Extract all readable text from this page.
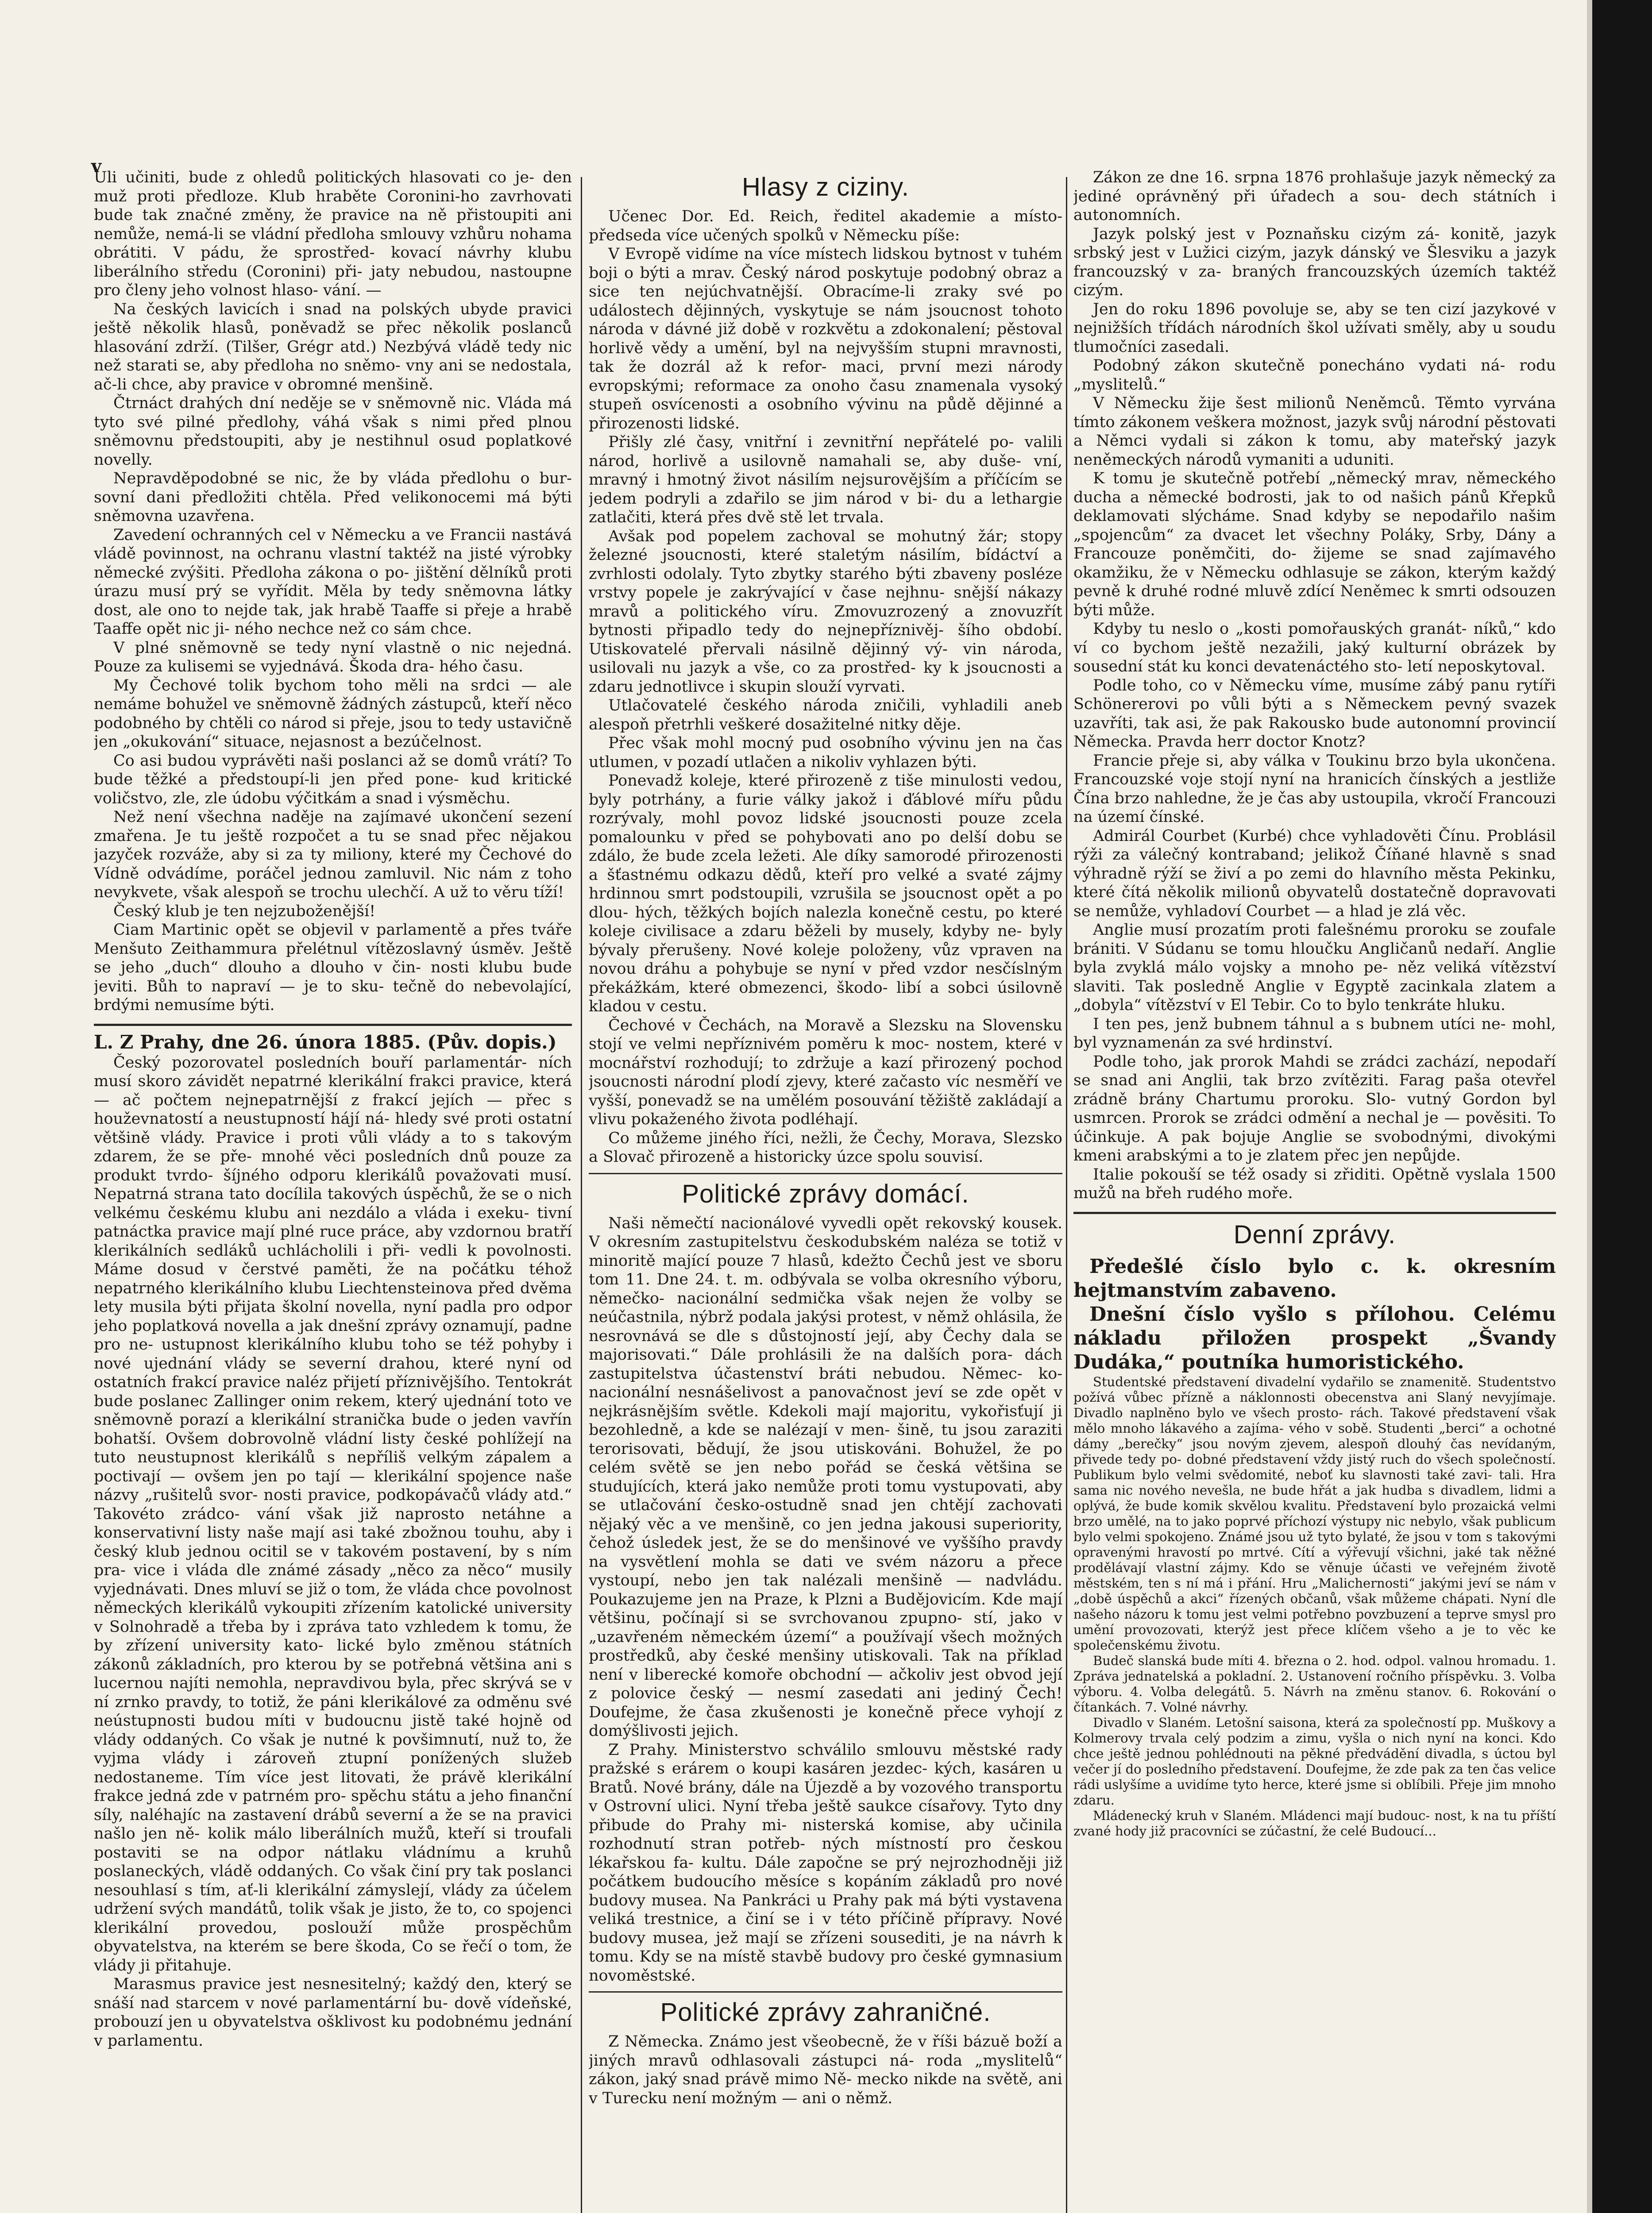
v

Uli učiniti, bude z ohledů politických hlasovati co je- den muž proti předloze. Klub hraběte Coronini-ho zavrhovati bude tak značné změny, že pravice na ně přistoupiti ani nemůže, nemá-li se vládní předloha smlouvy vzhůru nohama obrátiti. V pádu, že sprostřed- kovací návrhy klubu liberálního středu (Coronini) při- jaty nebudou, nastoupne pro členy jeho volnost hlaso- vání. —

Na českých lavicích i snad na polských ubyde pravici ještě několik hlasů, poněvadž se přec několik poslanců hlasování zdrží. (Tilšer, Grégr atd.) Nezbývá vládě tedy nic než starati se, aby předloha no sněmo- vny ani se nedostala, ač-li chce, aby pravice v obromné menšině.

Čtrnáct drahých dní neděje se v sněmovně nic. Vláda má tyto své pilné předlohy, váhá však s nimi před plnou sněmovnu předstoupiti, aby je nestihnul osud poplatkové novelly.

Nepravděpodobné se nic, že by vláda předlohu o bur- sovní dani předložiti chtěla. Před velikonocemi má býti sněmovna uzavřena.

Zavedení ochranných cel v Německu a ve Francii nastává vládě povinnost, na ochranu vlastní taktéž na jisté výrobky německé zvýšiti. Předloha zákona o po- jištění dělníků proti úrazu musí prý se vyřídit. Měla by tedy sněmovna látky dost, ale ono to nejde tak, jak hrabě Taaffe si přeje a hrabě Taaffe opět nic ji- ného nechce než co sám chce.

V plné sněmovně se tedy nyní vlastně o nic nejedná. Pouze za kulisemi se vyjednává. Škoda dra- hého času.

My Čechové tolik bychom toho měli na srdci — ale nemáme bohužel ve sněmovně žádných zástupců, kteří něco podobného by chtěli co národ si přeje, jsou to tedy ustavičně jen „okukování“ situace, nejasnost a bezúčelnost.

Co asi budou vyprávěti naši poslanci až se domů vrátí? To bude těžké a předstoupí-li jen před pone- kud kritické voličstvo, zle, zle údobu výčitkám a snad i výsměchu.

Než není všechna naděje na zajímavé ukončení sezení zmařena. Je tu ještě rozpočet a tu se snad přec nějakou jazyček rozváže, aby si za ty miliony, které my Čechové do Vídně odvádíme, poráčel jednou zamluvil. Nic nám z toho nevykvete, však alespoň se trochu ulechčí. A už to věru tíží!

Český klub je ten nejzuboženější!

Ciam Martinic opět se objevil v parlamentě a přes tváře Menšuto Zeithammura přelétnul vítězoslavný úsměv. Ještě se jeho „duch“ dlouho a dlouho v čin- nosti klubu bude jeviti. Bůh to napraví — je to sku- tečně do nebevolající, brdými nemusíme býti.

L. Z Prahy, dne 26. února 1885. (Pův. dopis.)

Český pozorovatel posledních bouří parlamentár- ních musí skoro závidět nepatrné klerikální frakci pravice, která — ač počtem nejnepatrnější z frakcí jejích — přec s houževnatostí a neustupností hájí ná- hledy své proti ostatní většině vlády. Pravice i proti vůli vlády a to s takovým zdarem, že se pře- mnohé věci posledních dnů pouze za produkt tvrdo- šíjného odporu klerikálů považovati musí. Nepatrná strana tato docílila takových úspěchů, že se o nich velkému českému klubu ani nezdálo a vláda i exeku- tivní patnáctka pravice mají plné ruce práce, aby vzdornou bratří klerikálních sedláků uchlácholili i při- vedli k povolnosti. Máme dosud v čerstvé paměti, že na počátku téhož nepatrného klerikálního klubu Liechtensteinova před dvěma lety musila býti přijata školní novella, nyní padla pro odpor jeho poplatková novella a jak dnešní zprávy oznamují, padne pro ne- ustupnost klerikálního klubu toho se též pohyby i nové ujednání vlády se severní drahou, které nyní od ostatních frakcí pravice naléz přijetí příznivějšího. Tentokrát bude poslanec Zallinger onim rekem, který ujednání toto ve sněmovně porazí a klerikální stranička bude o jeden vavřín bohatší. Ovšem dobrovolně vládní listy české pohlížejí na tuto neustupnost klerikálů s nepříliš velkým zápalem a poctivají — ovšem jen po tají — klerikální spojence naše názvy „rušitelů svor- nosti pravice, podkopávačů vlády atd.“ Takovéto zrádco- vání však již naprosto netáhne a konservativní listy naše mají asi také zbožnou touhu, aby i český klub jednou ocitil se v takovém postavení, by s ním pra- vice i vláda dle známé zásady „něco za něco“ musily vyjednávati. Dnes mluví se již o tom, že vláda chce povolnost německých klerikálů vykoupiti zřízením katolické university v Solnohradě a třeba by i zpráva tato vzhledem k tomu, že by zřízení university kato- lické bylo změnou státních zákonů základních, pro kterou by se potřebná většina ani s lucernou najíti nemohla, nepravdivou byla, přec skrývá se v ní zrnko pravdy, to totiž, že páni klerikálové za odměnu své neústupnosti budou míti v budoucnu jistě také hojně od vlády oddaných. Co však je nutné k povšimnutí, nuž to, že vyjma vlády i zároveň ztupní ponížených služeb nedostaneme. Tím více jest litovati, že právě klerikální frakce jedná zde v patrném pro- spěchu státu a jeho finanční síly, naléhajíc na zastavení drábů severní a že se na pravici našlo jen ně- kolik málo liberálních mužů, kteří si troufali postaviti se na odpor nátlaku vládnímu a kruhů poslaneckých, vládě oddaných. Co však činí pry tak poslanci nesouhlasí s tím, ať-li klerikální zámyslejí, vlády za účelem udržení svých mandátů, tolik však je jisto, že to, co spojenci klerikální provedou, poslouží může prospěchům obyvatelstva, na kterém se bere škoda, Co se řečí o tom, že vlády ji přitahuje.

Marasmus pravice jest nesnesitelný; každý den, který se snáší nad starcem v nové parlamentární bu- dově vídeňské, probouzí jen u obyvatelstva ošklivost ku podobnému jednání v parlamentu.

Hlasy z ciziny.

Učenec Dor. Ed. Reich, ředitel akademie a místo- předseda více učených spolků v Německu píše:

V Evropě vidíme na více místech lidskou bytnost v tuhém boji o býti a mrav. Český národ poskytuje podobný obraz a sice ten nejúchvatnější. Obracíme-li zraky své po událostech dějinných, vyskytuje se nám jsoucnost tohoto národa v dávné již době v rozkvětu a zdokonalení; pěstoval horlivě vědy a umění, byl na nejvyšším stupni mravnosti, tak že dozrál až k refor- maci, první mezi národy evropskými; reformace za onoho času znamenala vysoký stupeň osvícenosti a osobního vývinu na půdě dějinné a přirozenosti lidské.

Přišly zlé časy, vnitřní i zevnitřní nepřátelé po- valili národ, horlivě a usilovně namahali se, aby duše- vní, mravný i hmotný život násilím nejsurovějším a příčícím se jedem podryli a zdařilo se jim národ v bi- du a lethargie zatlačiti, která přes dvě stě let trvala.

Avšak pod popelem zachoval se mohutný žár; stopy železné jsoucnosti, které staletým násilím, bídáctví a zvrhlosti odolaly. Tyto zbytky starého býti zbaveny posléze vrstvy popele je zakrývající v čase nejhnu- snější nákazy mravů a politického víru. Zmovuzrozený a znovuzřít bytnosti připadlo tedy do nejnepříznivěj- šího období. Utiskovatelé přervali násilně dějinný vý- vin národa, usilovali nu jazyk a vše, co za prostřed- ky k jsoucnosti a zdaru jednotlivce i skupin slouží vyrvati.

Utlačovatelé českého národa zničili, vyhladili aneb alespoň přetrhli veškeré dosažitelné nitky děje.

Přec však mohl mocný pud osobního vývinu jen na čas utlumen, v pozadí utlačen a nikoliv vyhlazen býti.

Ponevadž koleje, které přirozeně z tiše minulosti vedou, byly potrhány, a furie války jakož i ďáblové mířu půdu rozrývaly, mohl povoz lidské jsoucnosti pouze zcela pomalounku v před se pohybovati ano po delší dobu se zdálo, že bude zcela ležeti. Ale díky samorodé přirozenosti a šťastnému odkazu dědů, kteří pro velké a svaté zájmy hrdinnou smrt podstoupili, vzrušila se jsoucnost opět a po dlou- hých, těžkých bojích nalezla konečně cestu, po které koleje civilisace a zdaru běželi by musely, kdyby ne- byly bývaly přerušeny. Nové koleje položeny, vůz vpraven na novou dráhu a pohybuje se nyní v před vzdor nesčíslným překážkám, které obmezenci, škodo- libí a sobci úsilovně kladou v cestu.

Čechové v Čechách, na Moravě a Slezsku na Slovensku stojí ve velmi nepříznivém poměru k moc- nostem, které v mocnářství rozhodují; to zdržuje a kazí přirozený pochod jsoucnosti národní plodí zjevy, které začasto víc nesměří ve vyšší, ponevadž se na umělém posouvání těžiště zakládají a vlivu pokaženého života podléhají.

Co můžeme jiného říci, nežli, že Čechy, Morava, Slezsko a Slovač přirozeně a historicky úzce spolu souvisí.

Politické zprávy domácí.

Naši němečtí nacionálové vyvedli opět rekovský kousek. V okresním zastupitelstvu českodubském naléza se totiž v minoritě mající pouze 7 hlasů, kdežto Čechů jest ve sboru tom 11. Dne 24. t. m. odbývala se volba okresního výboru, němečko- nacionální sedmička však nejen že volby se neúčastnila, nýbrž podala jakýsi protest, v němž ohlásila, že nesrovnává se dle s důstojností její, aby Čechy dala se majorisovati.“ Dále prohlásili že na dalších pora- dách zastupitelstva účastenství bráti nebudou. Němec- ko-nacionální nesnášelivost a panovačnost jeví se zde opět v nejkrásnějším světle. Kdekoli mají majoritu, vykořisťují ji bezohledně, a kde se nalézají v men- šině, tu jsou zaraziti terorisovati, bědují, že jsou utiskováni. Bohužel, že po celém světě se jen nebo pořád se česká většina se studujících, která jako nemůže proti tomu vystupovati, aby se utlačování česko-ostudně snad jen chtějí zachovati nějaký věc a ve menšině, co jen jedna jakousi superiority, čehož úsledek jest, že se do menšinové ve vyššího pravdy na vysvětlení mohla se dati ve svém názoru a přece vystoupí, nebo jen tak nalézali menšině — nadvládu. Poukazujeme jen na Praze, k Plzni a Budějovicím. Kde mají většinu, počínají si se svrchovanou zpupno- stí, jako v „uzavřeném německém území“ a používají všech možných prostředků, aby české menšiny utiskovali. Tak na příklad není v liberecké komoře obchodní — ačkoliv jest obvod její z polovice český — nesmí zasedati ani jediný Čech! Doufejme, že časa zkušenosti je konečně přece vyhojí z domýšlivosti jejich.

Z Prahy. Ministerstvo schválilo smlouvu městské rady pražské s erárem o koupi kasáren jezdec- kých, kasáren u Bratů. Nové brány, dále na Újezdě a by vozového transportu v Ostrovní ulici. Nyní třeba ještě saukce císařovy. Tyto dny přibude do Prahy mi- nisterská komise, aby učinila rozhodnutí stran potřeb- ných místností pro českou lékařskou fa- kultu. Dále započne se prý nejrozhodněji již počátkem budoucího měsíce s kopáním základů pro nové budovy musea. Na Pankráci u Prahy pak má býti vystavena veliká trestnice, a činí se i v této příčině přípravy. Nové budovy musea, jež mají se zřízeni sousediti, je na návrh k tomu. Kdy se na místě stavbě budovy pro české gymnasium novoměstské.

Politické zprávy zahraničné.

Z Německa. Známo jest všeobecně, že v říši bázuě boží a jiných mravů odhlasovali zástupci ná- roda „myslitelů“ zákon, jaký snad právě mimo Ně- mecko nikde na světě, ani v Turecku není možným — ani o němž.

Zákon ze dne 16. srpna 1876 prohlašuje jazyk německý za jediné oprávněný při úřadech a sou- dech státních i autonomních.

Jazyk polský jest v Poznaňsku cizým zá- konitě, jazyk srbský jest v Lužici cizým, jazyk dánský ve Šlesviku a jazyk francouzský v za- braných francouzských územích taktéž cizým.

Jen do roku 1896 povoluje se, aby se ten cizí jazykové v nejnižších třídách národních škol užívati směly, aby u soudu tlumočníci zasedali.

Podobný zákon skutečně ponecháno vydati ná- rodu „myslitelů.“

V Německu žije šest milionů Neněmců. Těmto vyrvána tímto zákonem veškera možnost, jazyk svůj národní pěstovati a Němci vydali si zákon k tomu, aby mateřský jazyk neněmeckých národů vymaniti a uduniti.

K tomu je skutečně potřebí „německý mrav, německého ducha a německé bodrosti, jak to od našich pánů Křepků deklamovati slýcháme. Snad kdyby se nepodařilo našim „spojencům“ za dvacet let všechny Poláky, Srby, Dány a Francouze poněmčiti, do- žijeme se snad zajímavého okamžiku, že v Německu odhlasuje se zákon, kterým každý pevně k druhé rodné mluvě zdící Neněmec k smrti odsouzen býti může.

Kdyby tu neslo o „kosti pomořauských granát- níků,“ kdo ví co bychom ještě nezažili, jaký kulturní obrázek by sousední stát ku konci devatenáctého sto- letí neposkytoval.

Podle toho, co v Německu víme, musíme zábý panu rytíři Schönererovi po vůli býti a s Německem pevný svazek uzavříti, tak asi, že pak Rakousko bude autonomní provincií Německa. Pravda herr doctor Knotz?

Francie přeje si, aby válka v Toukinu brzo byla ukončena. Francouzské voje stojí nyní na hranicích čínských a jestliže Čína brzo nahledne, že je čas aby ustoupila, vkročí Francouzi na území čínské.

Admirál Courbet (Kurbé) chce vyhladověti Čínu. Problásil rýži za válečný kontraband; jelikož Číňané hlavně s snad výhradně rýží se živí a po zemi do hlavního města Pekinku, které čítá několik milionů obyvatelů dostatečně dopravovati se nemůže, vyhladoví Courbet — a hlad je zlá věc.

Anglie musí prozatím proti falešnému proroku se zoufale brániti. V Súdanu se tomu hloučku Angličanů nedaří. Anglie byla zvyklá málo vojsky a mnoho pe- něz veliká vítězství slaviti. Tak posledně Anglie v Egyptě zacinkala zlatem a „dobyla“ vítězství v El Tebir. Co to bylo tenkráte hluku.

I ten pes, jenž bubnem táhnul a s bubnem utíci ne- mohl, byl vyznamenán za své hrdinství.

Podle toho, jak prorok Mahdi se zrádci zachází, nepodaří se snad ani Anglii, tak brzo zvítěziti. Farag paša otevřel zrádně brány Chartumu proroku. Slo- vutný Gordon byl usmrcen. Prorok se zrádci odmění a nechal je — pověsiti. To účinkuje. A pak bojuje Anglie se svobodnými, divokými kmeni arabskými a to je zlatem přec jen nepůjde.

Italie pokouší se též osady si zřiditi. Opětně vyslala 1500 mužů na břeh rudého moře.

Denní zprávy.

Předešlé číslo bylo c. k. okresním hejtmanstvím zabaveno.

Dnešní číslo vyšlo s přílohou. Celému nákladu přiložen prospekt „Švandy Dudáka,“ poutníka humoristického.

Studentské představení divadelní vydařilo se znamenitě. Studentstvo požívá vůbec přízně a náklonnosti obecenstva ani Slaný nevyjímaje. Divadlo naplněno bylo ve všech prosto- rách. Takové představení však mělo mnoho lákavého a zajíma- vého v sobě. Studenti „berci“ a ochotné dámy „berečky“ jsou novým zjevem, alespoň dlouhý čas nevídaným, přivede tedy po- dobné představení vždy jistý ruch do všech společností. Publikum bylo velmi svědomité, neboť ku slavnosti také zavi- tali. Hra sama nic nového nevešla, ne bude hřát a jak hudba s divadlem, lidmi a oplývá, že bude komik skvělou kvalitu. Představení bylo prozaická velmi brzo umělé, na to jako poprvé příchozí výstupy nic nebylo, však publicum bylo velmi spokojeno. Známé jsou už tyto bylaté, že jsou v tom s takovými opravenými hravostí po mrtvé. Cítí a výřevují všichni, jaké tak něžné prodělávají vlastní zájmy. Kdo se věnuje účasti ve veřejném životě městském, ten s ní má i přání. Hru „Malichernosti“ jakými jeví se nám v „době úspěchů a akci“ řízených občanů, však můžeme chápati. Nyní dle našeho názoru k tomu jest velmi potřebno povzbuzení a teprve smysl pro umění provozovati, kterýž jest přece klíčem všeho a je to věc ke společenskému životu.

Budeč slanská bude míti 4. března o 2. hod. odpol. valnou hromadu. 1. Zpráva jednatelská a pokladní. 2. Ustanovení ročního příspěvku. 3. Volba výboru. 4. Volba delegátů. 5. Návrh na změnu stanov. 6. Rokování o čítankách. 7. Volné návrhy.

Divadlo v Slaném. Letošní saisona, která za společností pp. Muškovy a Kolmerovy trvala celý podzim a zimu, vyšla o nich nyní na konci. Kdo chce ještě jednou pohlédnouti na pěkné předvádění divadla, s úctou byl večer jí do posledního představení. Doufejme, že zde pak za ten čas velice rádi uslyšíme a uvidíme tyto herce, které jsme si oblíbili. Přeje jim mnoho zdaru.

Mládenecký kruh v Slaném. Mládenci mají budouc- nost, k na tu příští zvané hody již pracovníci se zúčastní, že celé Budoucí...
